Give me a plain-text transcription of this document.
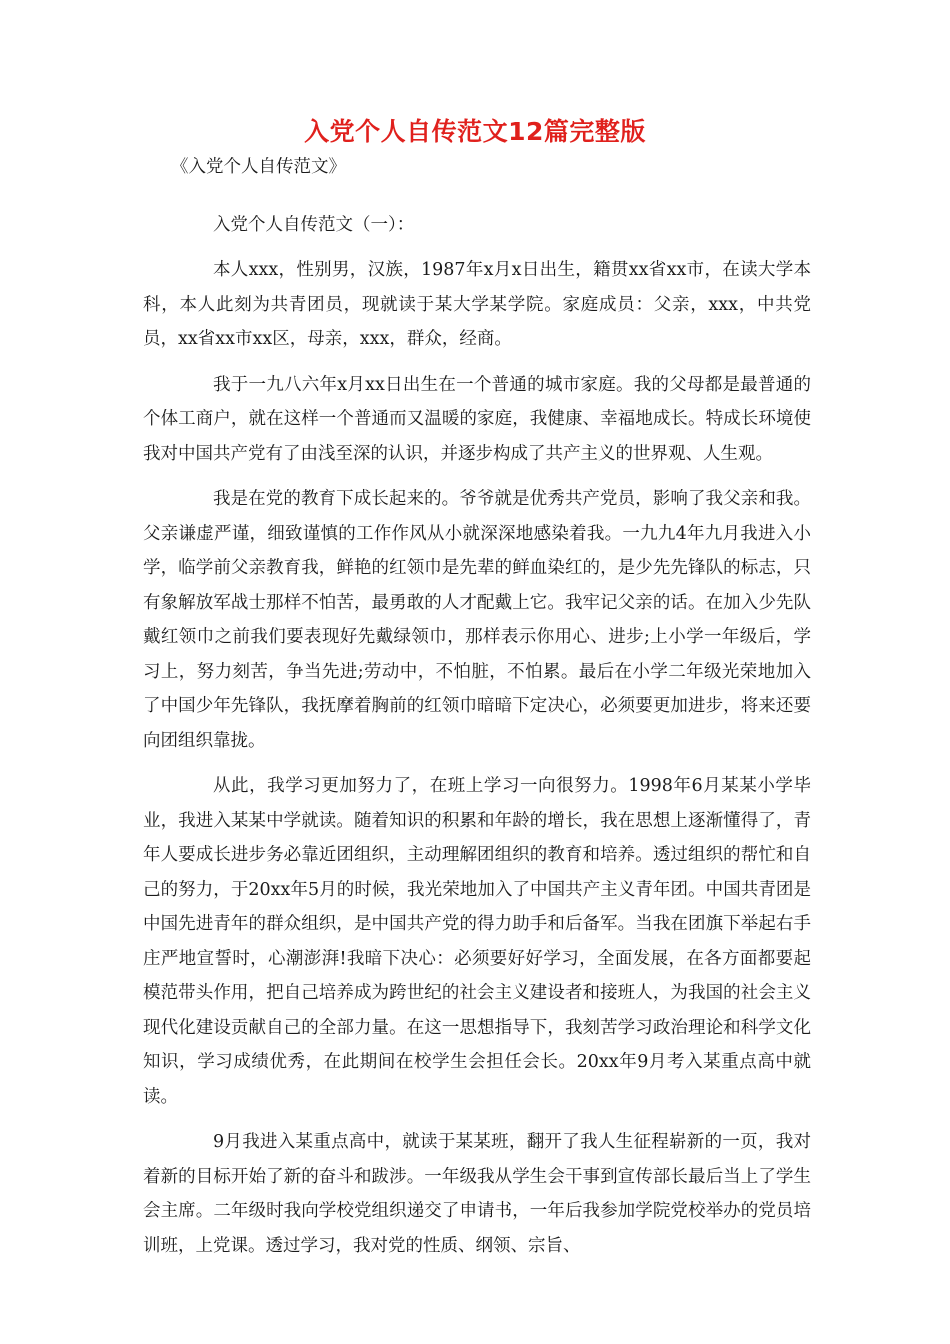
入党个人自传范文12篇完整版

《入党个人自传范文》

入党个人自传范文（一）：

本人xxx，性别男，汉族，1987年x月x日出生，籍贯xx省xx市，在读大学本科，本人此刻为共青团员，现就读于某大学某学院。家庭成员：父亲，xxx，中共党员，xx省xx市xx区，母亲，xxx，群众，经商。

我于一九八六年x月xx日出生在一个普通的城市家庭。我的父母都是最普通的个体工商户，就在这样一个普通而又温暖的家庭，我健康、幸福地成长。特成长环境使我对中国共产党有了由浅至深的认识，并逐步构成了共产主义的世界观、人生观。

我是在党的教育下成长起来的。爷爷就是优秀共产党员，影响了我父亲和我。父亲谦虚严谨，细致谨慎的工作作风从小就深深地感染着我。一九九4年九月我进入小学，临学前父亲教育我，鲜艳的红领巾是先辈的鲜血染红的，是少先先锋队的标志，只有象解放军战士那样不怕苦，最勇敢的人才配戴上它。我牢记父亲的话。在加入少先队戴红领巾之前我们要表现好先戴绿领巾，那样表示你用心、进步;上小学一年级后，学习上，努力刻苦，争当先进;劳动中，不怕脏，不怕累。最后在小学二年级光荣地加入了中国少年先锋队，我抚摩着胸前的红领巾暗暗下定决心，必须要更加进步，将来还要向团组织靠拢。

从此，我学习更加努力了，在班上学习一向很努力。1998年6月某某小学毕业，我进入某某中学就读。随着知识的积累和年龄的增长，我在思想上逐渐懂得了，青年人要成长进步务必靠近团组织，主动理解团组织的教育和培养。透过组织的帮忙和自己的努力，于20xx年5月的时候，我光荣地加入了中国共产主义青年团。中国共青团是中国先进青年的群众组织，是中国共产党的得力助手和后备军。当我在团旗下举起右手庄严地宣誓时，心潮澎湃!我暗下决心：必须要好好学习，全面发展，在各方面都要起模范带头作用，把自己培养成为跨世纪的社会主义建设者和接班人，为我国的社会主义现代化建设贡献自己的全部力量。在这一思想指导下，我刻苦学习政治理论和科学文化知识，学习成绩优秀，在此期间在校学生会担任会长。20xx年9月考入某重点高中就读。

9月我进入某重点高中，就读于某某班，翻开了我人生征程崭新的一页，我对着新的目标开始了新的奋斗和跋涉。一年级我从学生会干事到宣传部长最后当上了学生会主席。二年级时我向学校党组织递交了申请书，一年后我参加学院党校举办的党员培训班，上党课。透过学习，我对党的性质、纲领、宗旨、
